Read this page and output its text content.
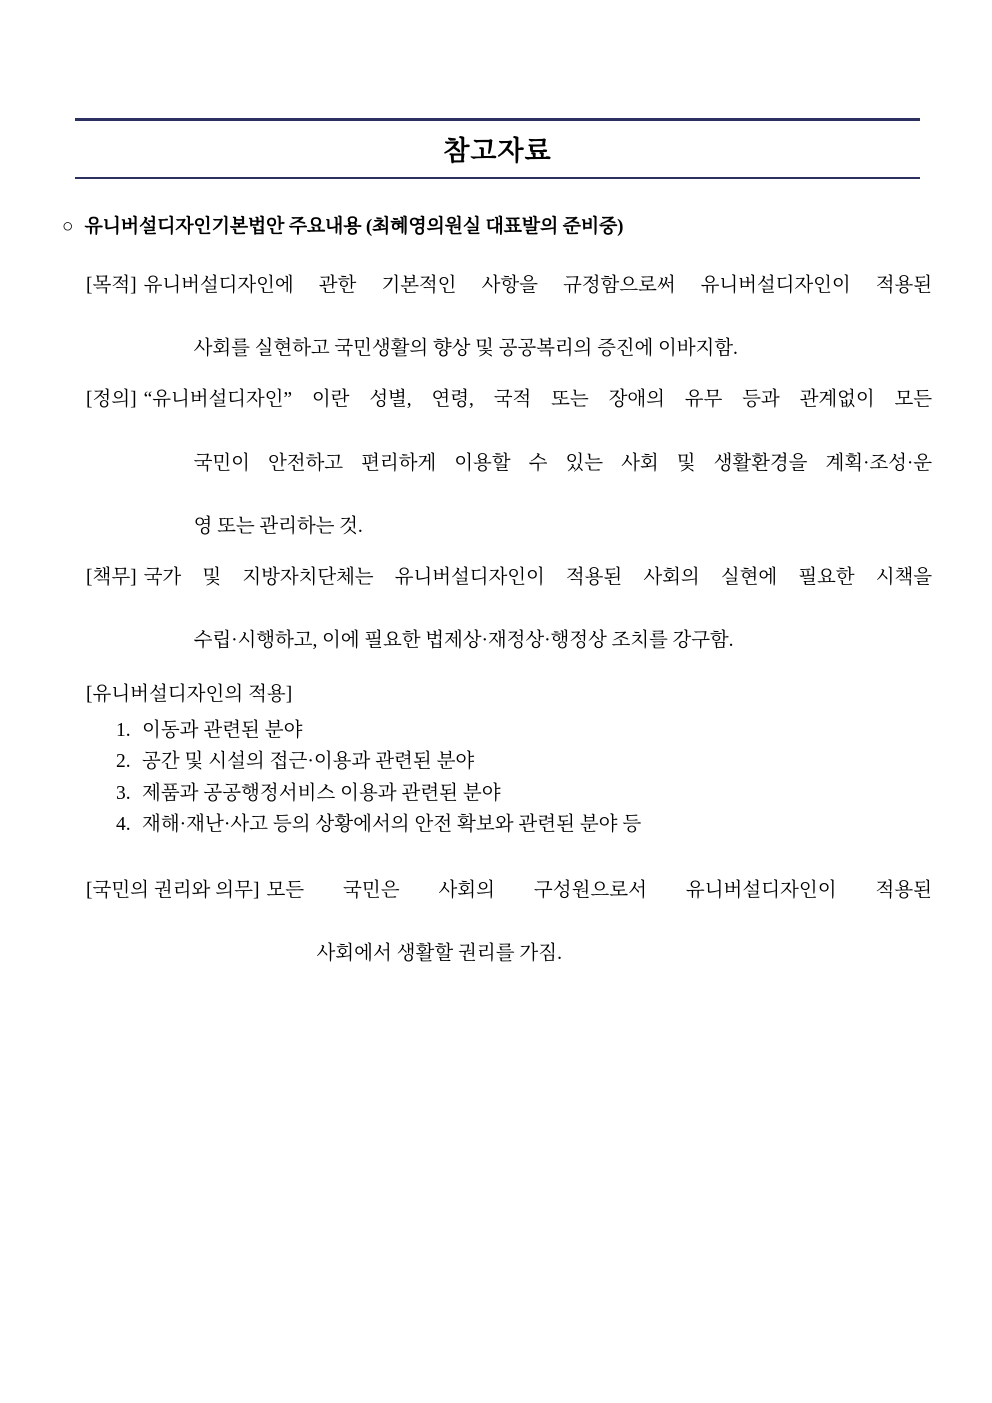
참고자료
○ 유니버설디자인기본법안 주요내용 (최혜영의원실 대표발의 준비중)
[목적] 유니버설디자인에 관한 기본적인 사항을 규정함으로써 유니버설디자인이 적용된
사회를 실현하고 국민생활의 향상 및 공공복리의 증진에 이바지함.
[정의] “유니버설디자인” 이란 성별, 연령, 국적 또는 장애의 유무 등과 관계없이 모든
국민이 안전하고 편리하게 이용할 수 있는 사회 및 생활환경을 계획·조성·운
영 또는 관리하는 것.
[책무] 국가 및 지방자치단체는 유니버설디자인이 적용된 사회의 실현에 필요한 시책을
수립·시행하고, 이에 필요한 법제상·재정상·행정상 조치를 강구함.
[유니버설디자인의 적용]
1. 이동과 관련된 분야
2. 공간 및 시설의 접근·이용과 관련된 분야
3. 제품과 공공행정서비스 이용과 관련된 분야
4. 재해·재난·사고 등의 상황에서의 안전 확보와 관련된 분야 등
[국민의 권리와 의무] 모든 국민은 사회의 구성원으로서 유니버설디자인이 적용된
사회에서 생활할 권리를 가짐.
